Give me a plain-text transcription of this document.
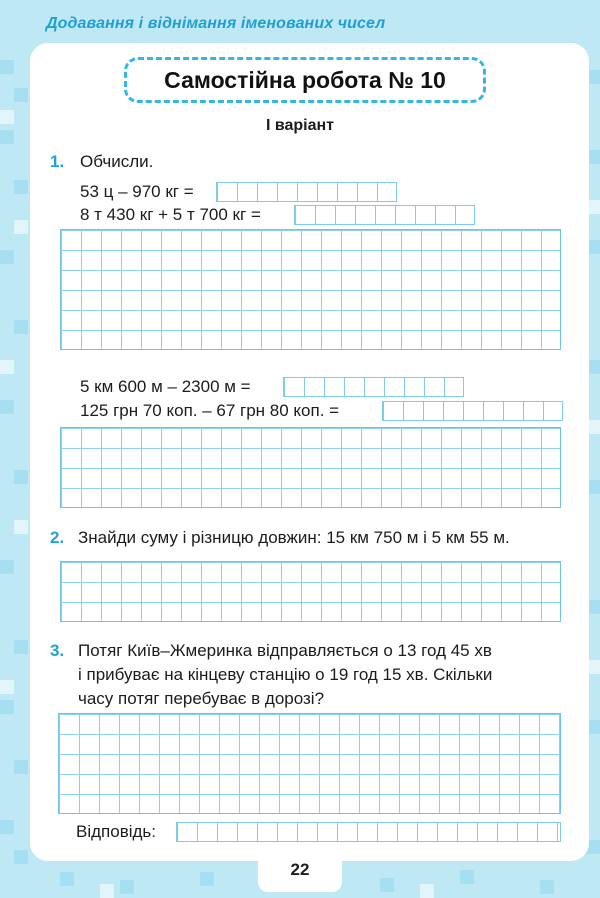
Додавання і віднімання іменованих чисел
Самостійна робота № 10
І варіант
1. Обчисли.
53 ц – 970 кг =
8 т 430 кг + 5 т 700 кг =
5 км 600 м – 2300 м =
125 грн 70 коп. – 67 грн 80 коп. =
2. Знайди суму і різницю довжин: 15 км 750 м і 5 км 55 м.
3. Потяг Київ–Жмеринка відправляється о 13 год 45 хв
і прибуває на кінцеву станцію о 19 год 15 хв. Скільки
часу потяг перебуває в дорозі?
Відповідь:
22
